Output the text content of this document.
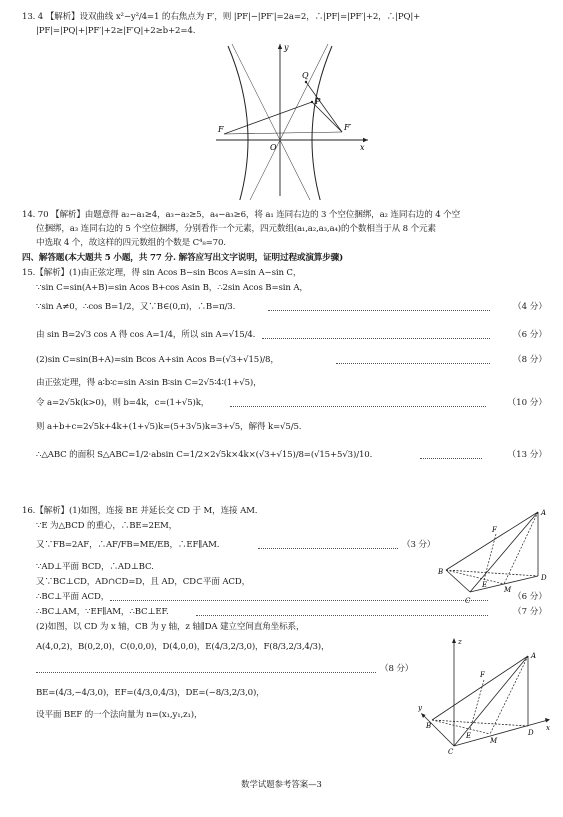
13. 4 【解析】设双曲线 x²−y²/4=1 的右焦点为 F′，则 |PF|−|PF′|=2a=2，∴|PF|=|PF′|+2，∴|PQ|+
|PF|=|PQ|+|PF′|+2≥|F′Q|+2≥b+2=4.
y
x
Q
P
F	F′
O
14. 70 【解析】由题意得 a₂−a₁≥4，a₃−a₂≥5，a₄−a₃≥6，将 a₁ 连同右边的 3 个空位捆绑，a₂ 连同右边的 4 个空
位捆绑，a₃ 连同右边的 5 个空位捆绑，分别看作一个元素，四元数组(a₁,a₂,a₃,a₄)的个数相当于从 8 个元素
中选取 4 个，故这样的四元数组的个数是 C⁴₈=70.
四、解答题(本大题共 5 小题，共 77 分. 解答应写出文字说明，证明过程或演算步骤)
15.【解析】(1)由正弦定理，得 sin Acos B−sin Bcos A=sin A−sin C，
∵sin C=sin(A+B)=sin Acos B+cos Asin B，∴2sin Acos B=sin A，
∵sin A≠0，∴cos B=1/2，又∵B∈(0,π)，∴B=π/3.	（4 分）
由 sin B=2√3 cos A 得 cos A=1/4，所以 sin A=√15/4.	（6 分）
(2)sin C=sin(B+A)=sin Bcos A+sin Acos B=(√3+√15)/8，	（8 分）
由正弦定理，得 a∶b∶c=sin A∶sin B∶sin C=2√5∶4∶(1+√5)，
令 a=2√5k(k>0)，则 b=4k，c=(1+√5)k，	（10 分）
则 a+b+c=2√5k+4k+(1+√5)k=(5+3√5)k=3+√5，解得 k=√5/5.
∴△ABC 的面积 S△ABC=1/2·absin C=1/2×2√5k×4k×(√3+√15)/8=(√15+5√3)/10.	（13 分）
16.【解析】(1)如图，连接 BE 并延长交 CD 于 M，连接 AM.
∵E 为△BCD 的重心，∴BE=2EM，
又∵FB=2AF，∴AF/FB=ME/EB，∴EF∥AM.	（3 分）
∵AD⊥平面 BCD，∴AD⊥BC.
又∵BC⊥CD，AD∩CD=D，且 AD，CD⊂平面 ACD，
∴BC⊥平面 ACD，	（6 分）
∴BC⊥AM，∵EF∥AM，∴BC⊥EF.	（7 分）
(2)如图，以 CD 为 x 轴，CB 为 y 轴，z 轴∥DA 建立空间直角坐标系，
A(4,0,2)，B(0,2,0)，C(0,0,0)，D(4,0,0)，E(4/3,2/3,0)，F(8/3,2/3,4/3)，
（8 分）
BE=(4/3,−4/3,0)，EF=(4/3,0,4/3)，DE=(−8/3,2/3,0)，
设平面 BEF 的一个法向量为 n=(x₁,y₁,z₁)，
A
B
C
D
E
F
M
z
A
F
B
y
E
M
C
D
x
数学试题参考答案—3
